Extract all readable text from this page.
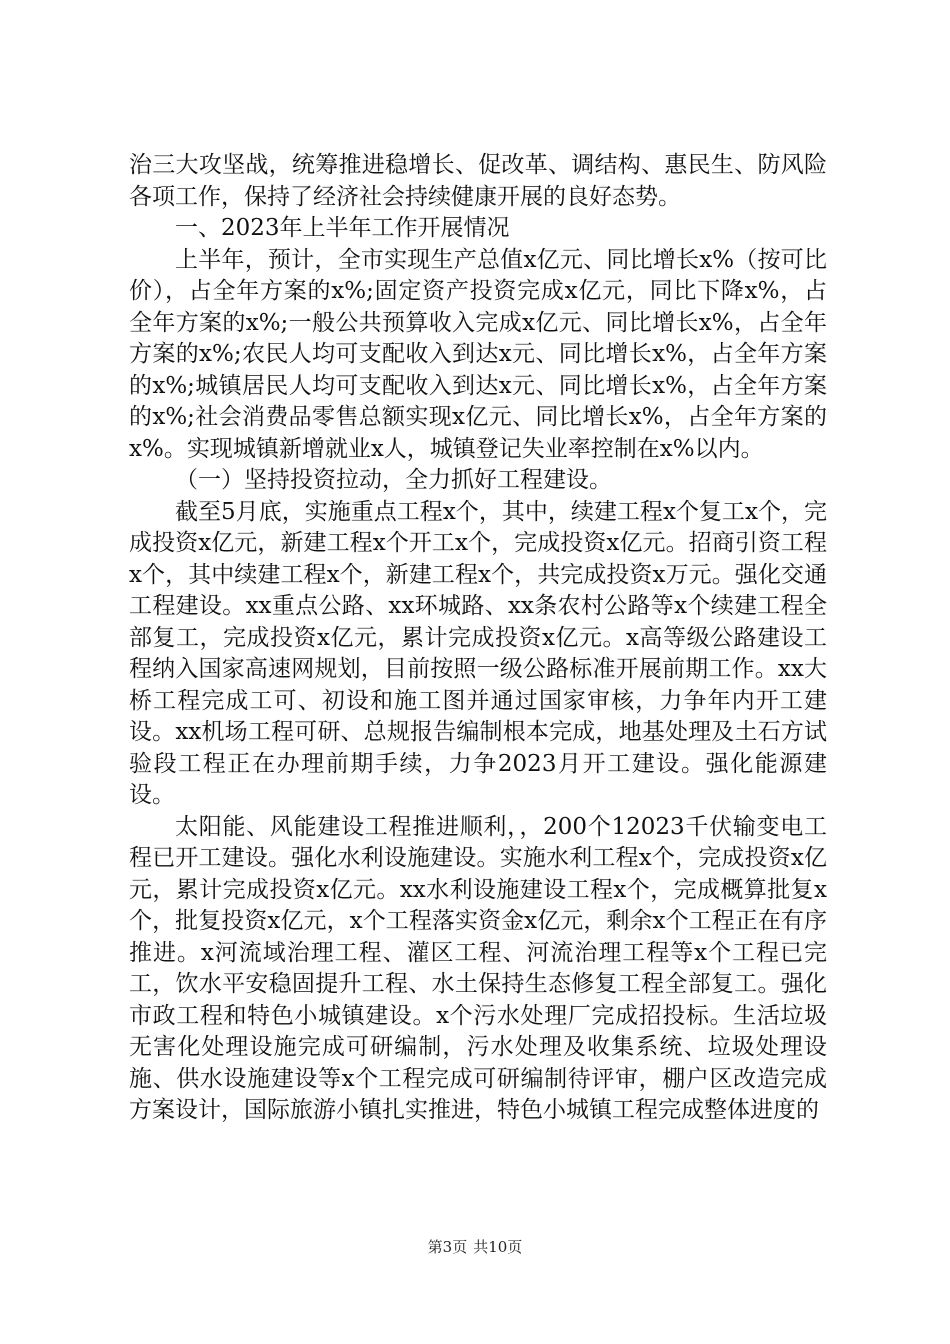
治三大攻坚战，统筹推进稳增长、促改革、调结构、惠民生、防风险各项工作，保持了经济社会持续健康开展的良好态势。

一、2023年上半年工作开展情况

上半年，预计，全市实现生产总值x亿元、同比增长x%（按可比价），占全年方案的x%;固定资产投资完成x亿元，同比下降x%，占全年方案的x%;一般公共预算收入完成x亿元、同比增长x%，占全年方案的x%;农民人均可支配收入到达x元、同比增长x%，占全年方案的x%;城镇居民人均可支配收入到达x元、同比增长x%，占全年方案的x%;社会消费品零售总额实现x亿元、同比增长x%，占全年方案的x%。实现城镇新增就业x人，城镇登记失业率控制在x%以内。

（一）坚持投资拉动，全力抓好工程建设。

截至5月底，实施重点工程x个，其中，续建工程x个复工x个，完成投资x亿元，新建工程x个开工x个，完成投资x亿元。招商引资工程x个，其中续建工程x个，新建工程x个，共完成投资x万元。强化交通工程建设。xx重点公路、xx环城路、xx条农村公路等x个续建工程全部复工，完成投资x亿元，累计完成投资x亿元。x高等级公路建设工程纳入国家高速网规划，目前按照一级公路标准开展前期工作。xx大桥工程完成工可、初设和施工图并通过国家审核，力争年内开工建设。xx机场工程可研、总规报告编制根本完成，地基处理及土石方试验段工程正在办理前期手续，力争2023月开工建设。强化能源建设。

太阳能、风能建设工程推进顺利，，200个12023千伏输变电工程已开工建设。强化水利设施建设。实施水利工程x个，完成投资x亿元，累计完成投资x亿元。xx水利设施建设工程x个，完成概算批复x个，批复投资x亿元，x个工程落实资金x亿元，剩余x个工程正在有序推进。x河流域治理工程、灌区工程、河流治理工程等x个工程已完工，饮水平安稳固提升工程、水土保持生态修复工程全部复工。强化市政工程和特色小城镇建设。x个污水处理厂完成招投标。生活垃圾无害化处理设施完成可研编制，污水处理及收集系统、垃圾处理设施、供水设施建设等x个工程完成可研编制待评审，棚户区改造完成方案设计，国际旅游小镇扎实推进，特色小城镇工程完成整体进度的

第3页 共10页
